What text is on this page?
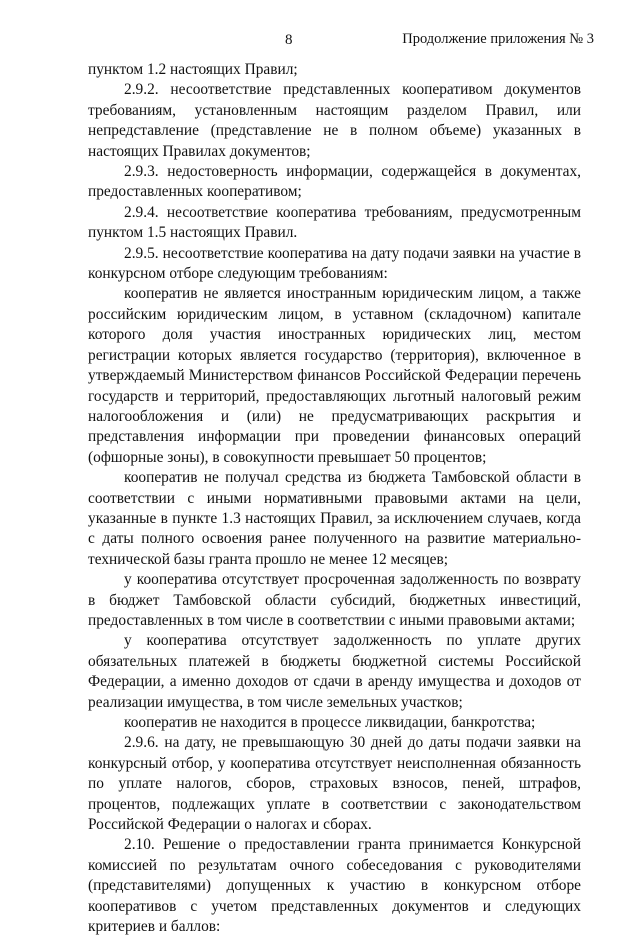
8	Продолжение приложения № 3

пунктом 1.2 настоящих Правил;

2.9.2. несоответствие представленных кооперативом документов требованиям, установленным настоящим разделом Правил, или непредставление (представление не в полном объеме) указанных в настоящих Правилах документов;

2.9.3. недостоверность информации, содержащейся в документах, предоставленных кооперативом;

2.9.4. несоответствие кооператива требованиям, предусмотренным пунктом 1.5 настоящих Правил.

2.9.5. несоответствие кооператива на дату подачи заявки на участие в конкурсном отборе следующим требованиям:

кооператив не является иностранным юридическим лицом, а также российским юридическим лицом, в уставном (складочном) капитале которого доля участия иностранных юридических лиц, местом регистрации которых является государство (территория), включенное в утверждаемый Министерством финансов Российской Федерации перечень государств и территорий, предоставляющих льготный налоговый режим налогообложения и (или) не предусматривающих раскрытия и представления информации при проведении финансовых операций (офшорные зоны), в совокупности превышает 50 процентов;

кооператив не получал средства из бюджета Тамбовской области в соответствии с иными нормативными правовыми актами на цели, указанные в пункте 1.3 настоящих Правил, за исключением случаев, когда с даты полного освоения ранее полученного на развитие материально-технической базы гранта прошло не менее 12 месяцев;

у кооператива отсутствует просроченная задолженность по возврату в бюджет Тамбовской области субсидий, бюджетных инвестиций, предоставленных в том числе в соответствии с иными правовыми актами;

у кооператива отсутствует задолженность по уплате других обязательных платежей в бюджеты бюджетной системы Российской Федерации, а именно доходов от сдачи в аренду имущества и доходов от реализации имущества, в том числе земельных участков;

кооператив не находится в процессе ликвидации, банкротства;

2.9.6. на дату, не превышающую 30 дней до даты подачи заявки на конкурсный отбор, у кооператива отсутствует неисполненная обязанность по уплате налогов, сборов, страховых взносов, пеней, штрафов, процентов, подлежащих уплате в соответствии с законодательством Российской Федерации о налогах и сборах.

2.10. Решение о предоставлении гранта принимается Конкурсной комиссией по результатам очного собеседования с руководителями (представителями) допущенных к участию в конкурсном отборе кооперативов с учетом представленных документов и следующих критериев и баллов:
